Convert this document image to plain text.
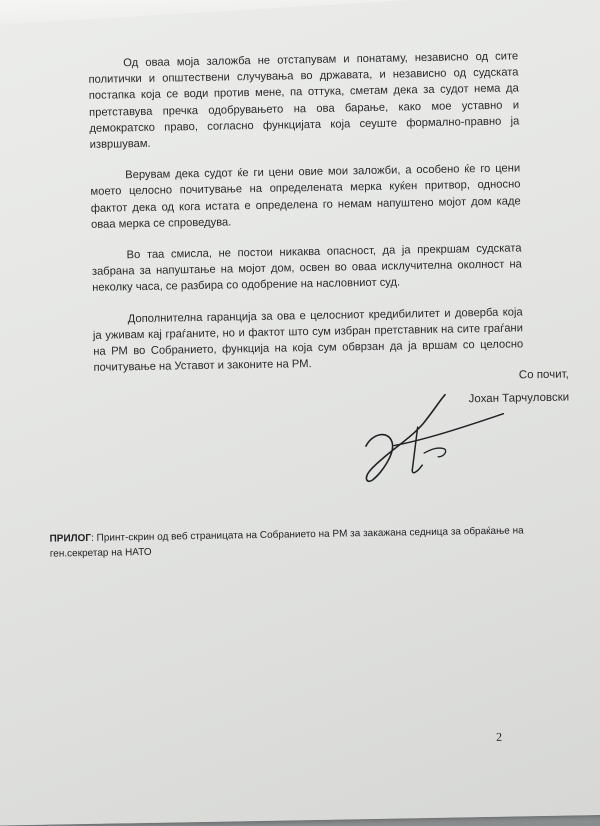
Од оваа моја заложба не отстапувам и понатаму, независно од сите политички и општествени случувања во државата, и независно од судската постапка која се води против мене, па оттука, сметам дека за судот нема да претставува пречка одобрувањето на ова барање, како мое уставно и демократско право, согласно функцијата која сеуште формално-правно ја извршувам.

Верувам дека судот ќе ги цени овие мои заложби, а особено ќе го цени моето целосно почитување на определената мерка куќен притвор, односно фактот дека од кога истата е определена го немам напуштено мојот дом каде оваа мерка се спроведува.

Во таа смисла, не постои никаква опасност, да ја прекршам судската забрана за напуштање на мојот дом, освен во оваа исклучителна околност на неколку часа, се разбира со одобрение на насловниот суд.

Дополнителна гаранција за ова е целосниот кредибилитет и доверба која ја уживам кај граѓаните, но и фактот што сум избран претставник на сите граѓани на РМ во Собранието, функција на која сум обврзан да ја вршам со целосно почитување на Уставот и законите на РМ.

Со почит,
Јохан Тарчуловски
ПРИЛОГ: Принт-скрин од веб страницата на Собранието на РМ за закажана седница за обраќање на ген.секретар на НАТО
2
